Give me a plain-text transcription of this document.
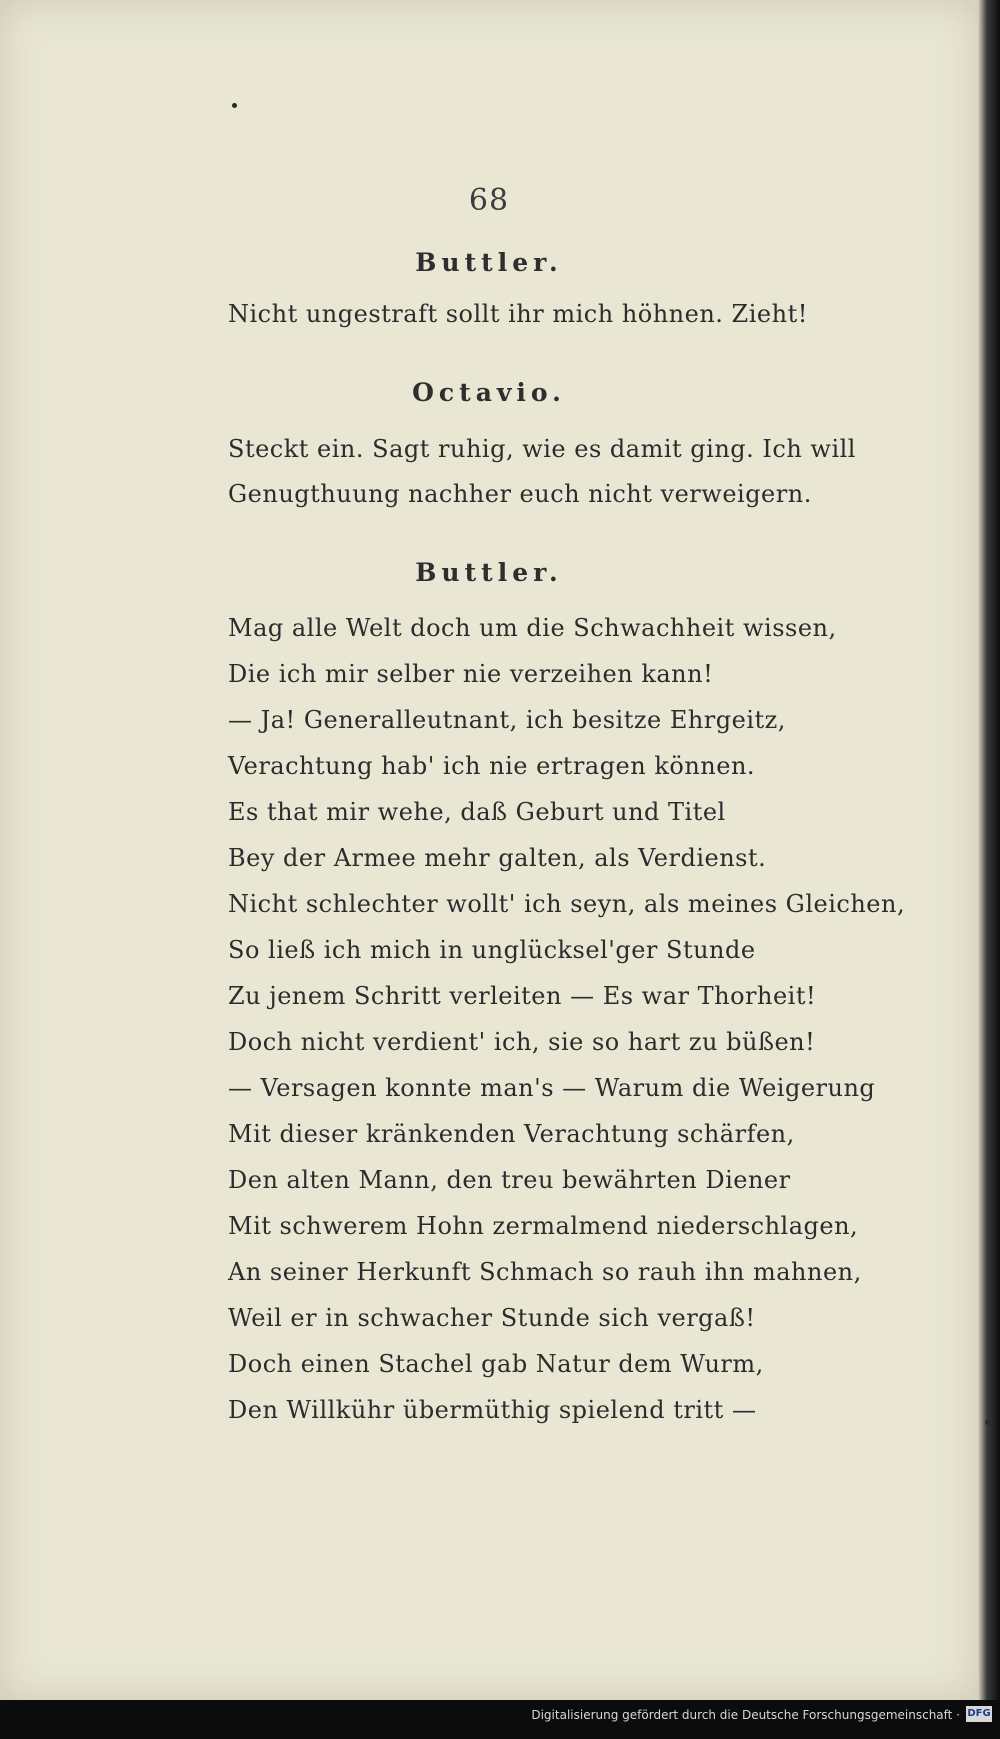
68
Buttler.
Nicht ungestraft sollt ihr mich höhnen. Zieht!
Octavio.
Steckt ein. Sagt ruhig, wie es damit ging. Ich will
Genugthuung nachher euch nicht verweigern.
Buttler.
Mag alle Welt doch um die Schwachheit wissen,
Die ich mir selber nie verzeihen kann!
— Ja! Generalleutnant, ich besitze Ehrgeitz,
Verachtung hab' ich nie ertragen können.
Es that mir wehe, daß Geburt und Titel
Bey der Armee mehr galten, als Verdienst.
Nicht schlechter wollt' ich seyn, als meines Gleichen,
So ließ ich mich in unglücksel'ger Stunde
Zu jenem Schritt verleiten — Es war Thorheit!
Doch nicht verdient' ich, sie so hart zu büßen!
— Versagen konnte man's — Warum die Weigerung
Mit dieser kränkenden Verachtung schärfen,
Den alten Mann, den treu bewährten Diener
Mit schwerem Hohn zermalmend niederschlagen,
An seiner Herkunft Schmach so rauh ihn mahnen,
Weil er in schwacher Stunde sich vergaß!
Doch einen Stachel gab Natur dem Wurm,
Den Willkühr übermüthig spielend tritt —
Digitalisierung gefördert durch die Deutsche Forschungsgemeinschaft · DFG
